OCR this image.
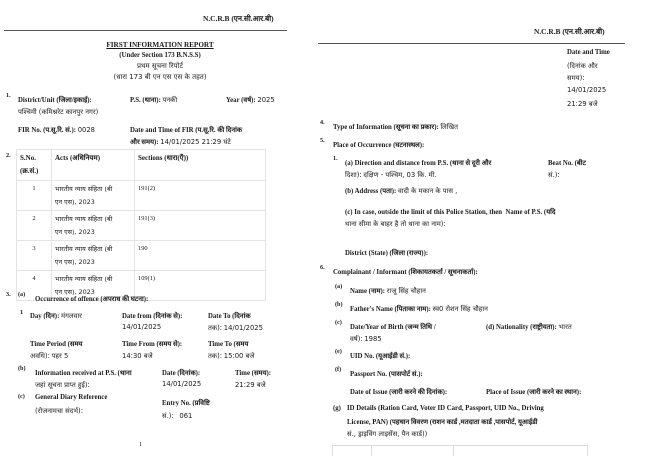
N.C.R.B (एन.सी.आर.बी)
FIRST INFORMATION REPORT
(Under Section 173 B.N.S.S)
प्रथम सूचना रिपोर्ट
(धारा 173 बी एन एस एस के तहत)
1.
District/Unit (जिला/इकाई):
पश्चिमी (कमिश्नरेट कानपुर नगर)
P.S. (थाना): पनकी	Year (वर्ष): 2025
FIR No. (प.सू.रि. सं.): 0028	Date and Time of FIR (प.सू.रि. की दिनांक
और समय): 14/01/2025 21:29 घंटे
2. S.No.
(क्र.सं.)	Acts (अधिनियम)	Sections (धारा(एँ))
1	भारतीय न्याय संहिता (बी
एन एस), 2023	191(2)
2	भारतीय न्याय संहिता (बी
एन एस), 2023	191(3)
3	भारतीय न्याय संहिता (बी
एन एस), 2023	190
4	भारतीय न्याय संहिता (बी
एन एस), 2023	109(1)
3. (a)
Occurrence of offence (अपराध की घटना):
1
Day (दिन): मंगलवार	Date from (दिनांक से):
14/01/2025
Date To (दिनांक
तक): 14/01/2025
Time Period (समय
अवधि): पहर 5
Time From (समय से):
14:30 बजे
Time To (समय
तक): 15:00 बजे
(b)
Information received at P.S. (थाना
जहां सूचना प्राप्त हुई):
Date (दिनांक):
14/01/2025
Time (समय):
21:29 बजे
(c) General Diary Reference
(रोजनामचा संदर्भ):
Entry No. (प्रविष्टि
सं.): 061
1
N.C.R.B (एन.सी.आर.बी)
Date and Time
(दिनांक और
समय):
14/01/2025
21:29 बजे
4.
Type of Information (सूचना का प्रकार): लिखित
5.
Place of Occurrence (घटनास्थल):
1.
(a) Direction and distance from P.S. (थाना से दूरी और
दिशा): दक्षिण - पश्चिम, 03 कि. मी.
Beat No. (बीट
सं.):
(b) Address (पता): वादी के मकान के पास ,
(c) In case, outside the limit of this Police Station, then Name of P.S. (यदि
थाना सीमा के बाहर है तो थाना का नाम):
District (State) (जिला (राज्य)):
6.
Complainant / Informant (शिकायतकर्ता / सूचनाकर्ता):
(a)
Name (नाम): राजू सिंह चौहान
(b)
Father's Name (पिताका नाम): स्व0 रोशन सिंह चौहान
(c)
Date/Year of Birth (जन्म तिथि /
वर्ष): 1985
(d) Nationality (राष्ट्रीयता): भारत
(e)
UID No. (यूआईडी सं.):
(f)
Passport No. (पासपोर्ट सं.):
Date of Issue (जारी करने की दिनांक):	Place of Issue (जारी करने का स्थान):
(g) ID Details (Ration Card, Voter ID Card, Passport, UID No., Driving
License, PAN) (पहचान विवरण (राशन कार्ड ,मतदाता कार्ड ,पासपोर्ट, यूआईडी
सं., ड्राइविंग लाइसेंस, पैन कार्ड))
